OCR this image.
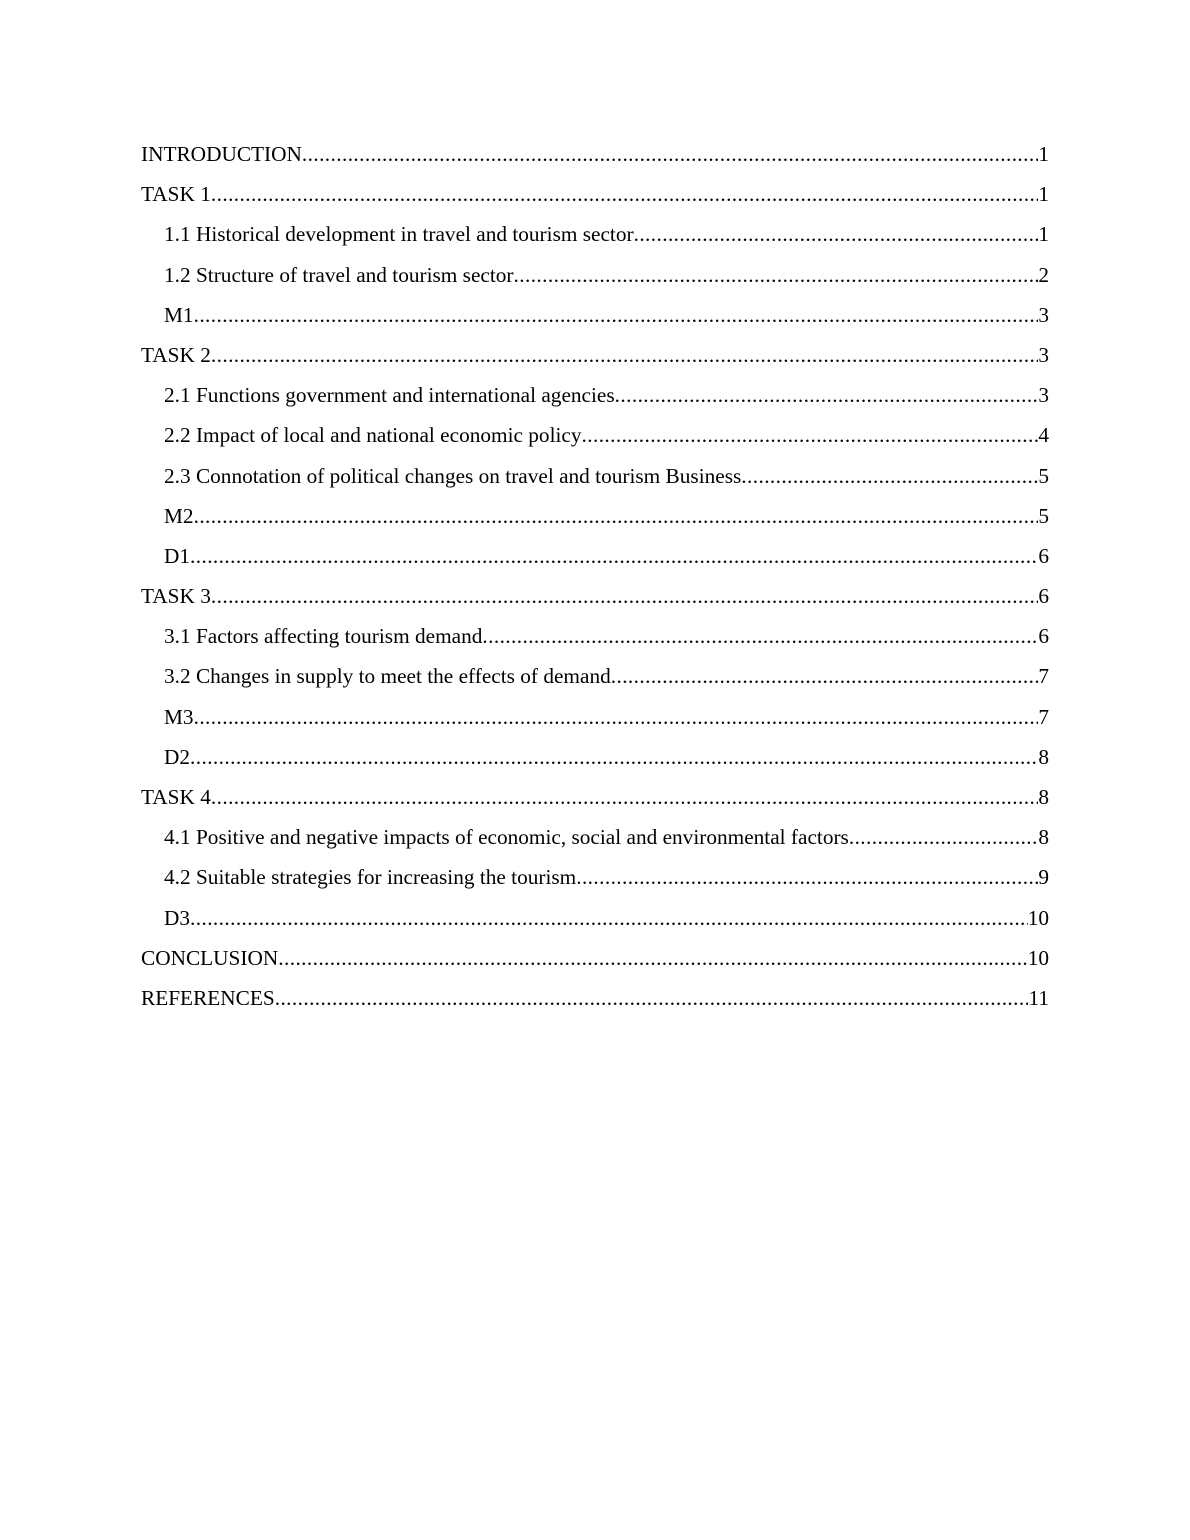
INTRODUCTION .....	1
TASK 1 .....	1
1.1 Historical development in travel and tourism sector .....	1
1.2 Structure of travel and tourism sector .....	2
M1 .....	3
TASK 2 .....	3
2.1 Functions government and international agencies .....	3
2.2 Impact of local and national economic policy .....	4
2.3 Connotation of political changes on travel and tourism Business .....	5
M2 .....	5
D1 .....	6
TASK 3 .....	6
3.1 Factors affecting tourism demand .....	6
3.2 Changes in supply to meet the effects of demand .....	7
M3 .....	7
D2 .....	8
TASK 4 .....	8
4.1 Positive and negative impacts of economic, social and environmental factors .....	8
4.2 Suitable strategies for increasing the tourism .....	9
D3 .....	10
CONCLUSION .....	10
REFERENCES .....	11
